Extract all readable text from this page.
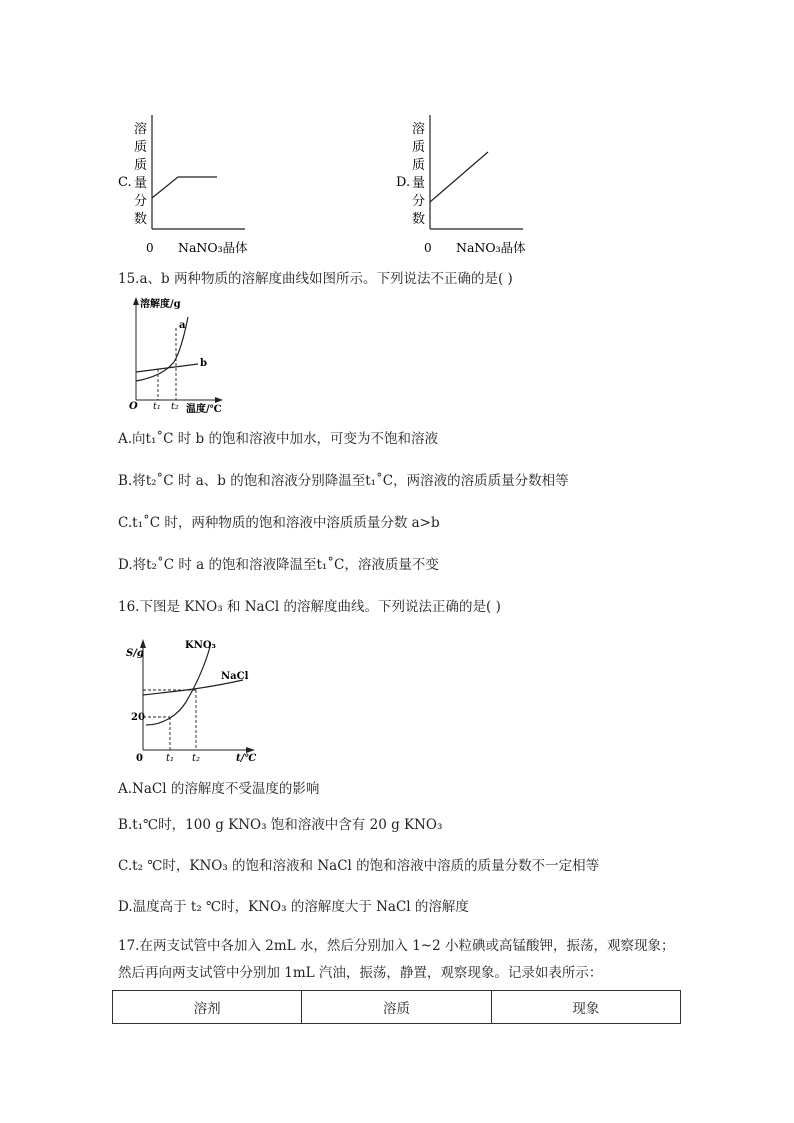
C.
溶
质
质
量
分
数
0 NaNO₃晶体
D.
溶
质
质
量
分
数
0 NaNO₃晶体
15.a、b 两种物质的溶解度曲线如图所示。下列说法不正确的是( )
溶解度/g
a
b
O t₁ t₂ 温度/℃
A.向t₁˚C 时 b 的饱和溶液中加水，可变为不饱和溶液
B.将t₂˚C 时 a、b 的饱和溶液分别降温至t₁˚C，两溶液的溶质质量分数相等
C.t₁˚C 时，两种物质的饱和溶液中溶质质量分数 a>b
D.将t₂˚C 时 a 的饱和溶液降温至t₁˚C，溶液质量不变
16.下图是 KNO₃ 和 NaCl 的溶解度曲线。下列说法正确的是( )
S/g
KNO₃
NaCl
20
0 t₁ t₂	t/℃
A.NaCl 的溶解度不受温度的影响
B.t₁℃时，100 g KNO₃ 饱和溶液中含有 20 g KNO₃
C.t₂ ℃时，KNO₃ 的饱和溶液和 NaCl 的饱和溶液中溶质的质量分数不一定相等
D.温度高于 t₂ ℃时，KNO₃ 的溶解度大于 NaCl 的溶解度
17.在两支试管中各加入 2mL 水，然后分别加入 1~2 小粒碘或高锰酸钾，振荡，观察现象；
然后再向两支试管中分别加 1mL 汽油，振荡，静置，观察现象。记录如表所示：
溶剂	溶质	现象
